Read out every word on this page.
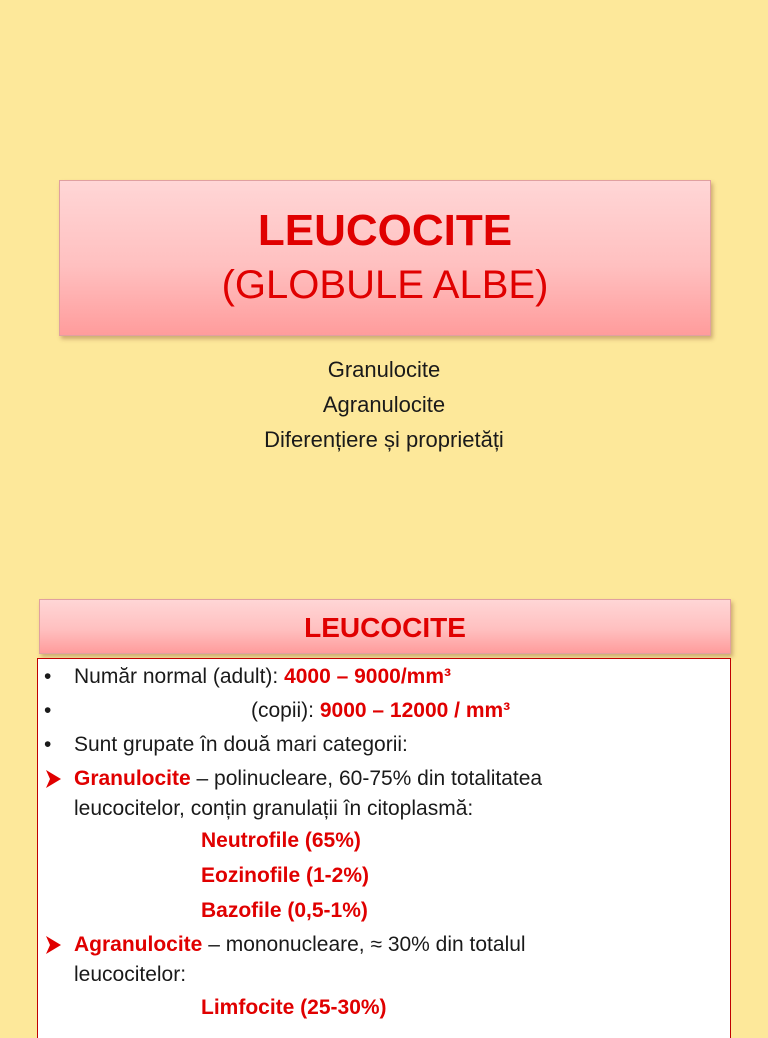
LEUCOCITE
(GLOBULE ALBE)
Granulocite
Agranulocite
Diferențiere și proprietăți
LEUCOCITE
• Număr normal (adult): 4000 – 9000/mm³
•	(copii): 9000 – 12000 / mm³
• Sunt grupate în două mari categorii:
Granulocite – polinucleare, 60-75% din totalitatea
leucocitelor, conțin granulații în citoplasmă:
Neutrofile (65%)
Eozinofile (1-2%)
Bazofile (0,5-1%)
Agranulocite – mononucleare, ≈ 30% din totalul
leucocitelor:
Limfocite (25-30%)
